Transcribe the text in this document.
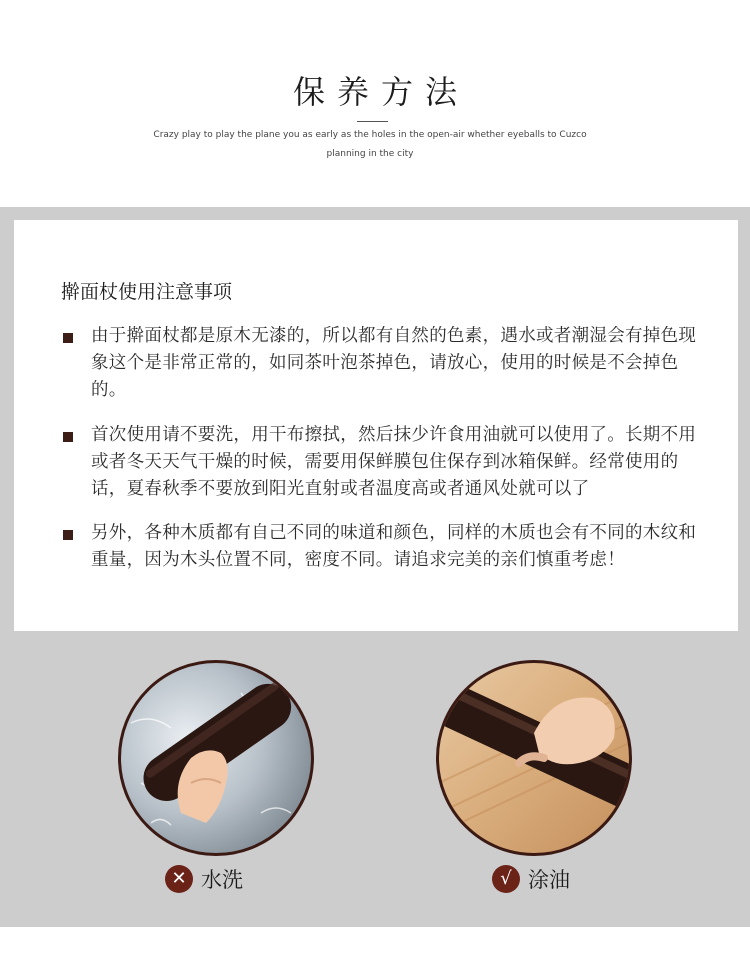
保养方法
Crazy play to play the plane you as early as the holes in the open-air whether eyeballs to Cuzco planning in the city
擀面杖使用注意事项
由于擀面杖都是原木无漆的，所以都有自然的色素，遇水或者潮湿会有掉色现象这个是非常正常的，如同茶叶泡茶掉色，请放心，使用的时候是不会掉色的。
首次使用请不要洗，用干布擦拭，然后抹少许食用油就可以使用了。长期不用或者冬天天气干燥的时候，需要用保鲜膜包住保存到冰箱保鲜。经常使用的话，夏春秋季不要放到阳光直射或者温度高或者通风处就可以了
另外，各种木质都有自己不同的味道和颜色，同样的木质也会有不同的木纹和重量，因为木头位置不同，密度不同。请追求完美的亲们慎重考虑！
✕ 水洗	√ 涂油
